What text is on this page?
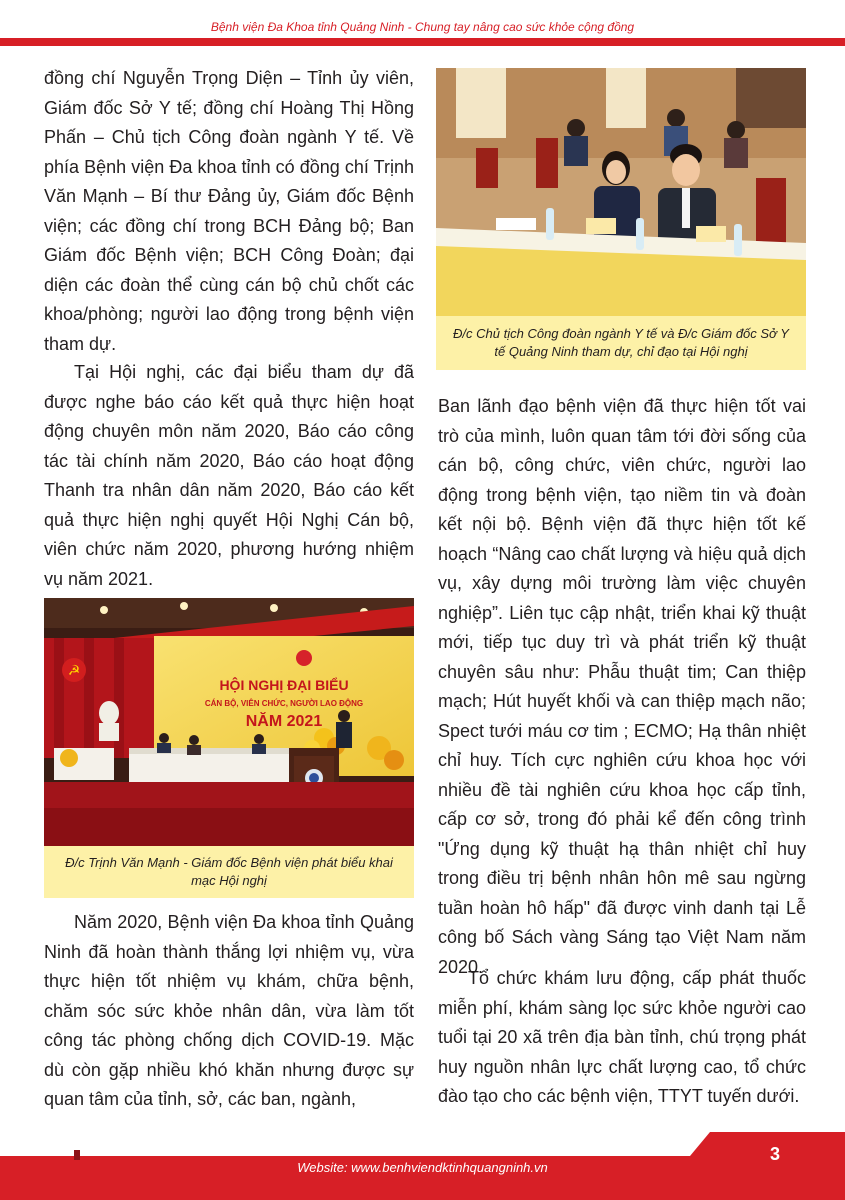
Bệnh viện Đa Khoa tỉnh Quảng Ninh - Chung tay nâng cao sức khỏe cộng đồng

đồng chí Nguyễn Trọng Diện – Tỉnh ủy viên, Giám đốc Sở Y tế; đồng chí Hoàng Thị Hồng Phấn – Chủ tịch Công đoàn ngành Y tế. Về phía Bệnh viện Đa khoa tỉnh có đồng chí Trịnh Văn Mạnh – Bí thư Đảng ủy, Giám đốc Bệnh viện; các đồng chí trong BCH Đảng bộ; Ban Giám đốc Bệnh viện; BCH Công Đoàn; đại diện các đoàn thể cùng cán bộ chủ chốt các khoa/phòng; người lao động trong bệnh viện tham dự.

Tại Hội nghị, các đại biểu tham dự đã được nghe báo cáo kết quả thực hiện hoạt động chuyên môn năm 2020, Báo cáo công tác tài chính năm 2020, Báo cáo hoạt động Thanh tra nhân dân năm 2020, Báo cáo kết quả thực hiện nghị quyết Hội Nghị Cán bộ, viên chức năm 2020, phương hướng nhiệm vụ năm 2021.

☭
HỘI NGHỊ ĐẠI BIỂU
CÁN BỘ, VIÊN CHỨC, NGƯỜI LAO ĐỘNG
NĂM 2021
Đ/c Trịnh Văn Mạnh - Giám đốc Bệnh viện phát biểu khai mạc Hội nghị

Năm 2020, Bệnh viện Đa khoa tỉnh Quảng Ninh đã hoàn thành thắng lợi nhiệm vụ, vừa thực hiện tốt nhiệm vụ khám, chữa bệnh, chăm sóc sức khỏe nhân dân, vừa làm tốt công tác phòng chống dịch COVID-19. Mặc dù còn gặp nhiều khó khăn nhưng được sự quan tâm của tỉnh, sở, các ban, ngành,

Đ/c Chủ tịch Công đoàn ngành Y tế và Đ/c Giám đốc Sở Y tế Quảng Ninh tham dự, chỉ đạo tại Hội nghị

Ban lãnh đạo bệnh viện đã thực hiện tốt vai trò của mình, luôn quan tâm tới đời sống của cán bộ, công chức, viên chức, người lao động trong bệnh viện, tạo niềm tin và đoàn kết nội bộ. Bệnh viện đã thực hiện tốt kế hoạch “Nâng cao chất lượng và hiệu quả dịch vụ, xây dựng môi trường làm việc chuyên nghiệp”. Liên tục cập nhật, triển khai kỹ thuật mới, tiếp tục duy trì và phát triển kỹ thuật chuyên sâu như: Phẫu thuật tim; Can thiệp mạch; Hút huyết khối và can thiệp mạch não; Spect tưới máu cơ tim ; ECMO; Hạ thân nhiệt chỉ huy. Tích cực nghiên cứu khoa học với nhiều đề tài nghiên cứu khoa học cấp tỉnh, cấp cơ sở, trong đó phải kể đến công trình "Ứng dụng kỹ thuật hạ thân nhiệt chỉ huy trong điều trị bệnh nhân hôn mê sau ngừng tuần hoàn hô hấp" đã được vinh danh tại Lễ công bố Sách vàng Sáng tạo Việt Nam năm 2020.

Tổ chức khám lưu động, cấp phát thuốc miễn phí, khám sàng lọc sức khỏe người cao tuổi tại 20 xã trên địa bàn tỉnh, chú trọng phát huy nguồn nhân lực chất lượng cao, tổ chức đào tạo cho các bệnh viện, TTYT tuyến dưới.

Website: www.benhviendktinhquangninh.vn
3
